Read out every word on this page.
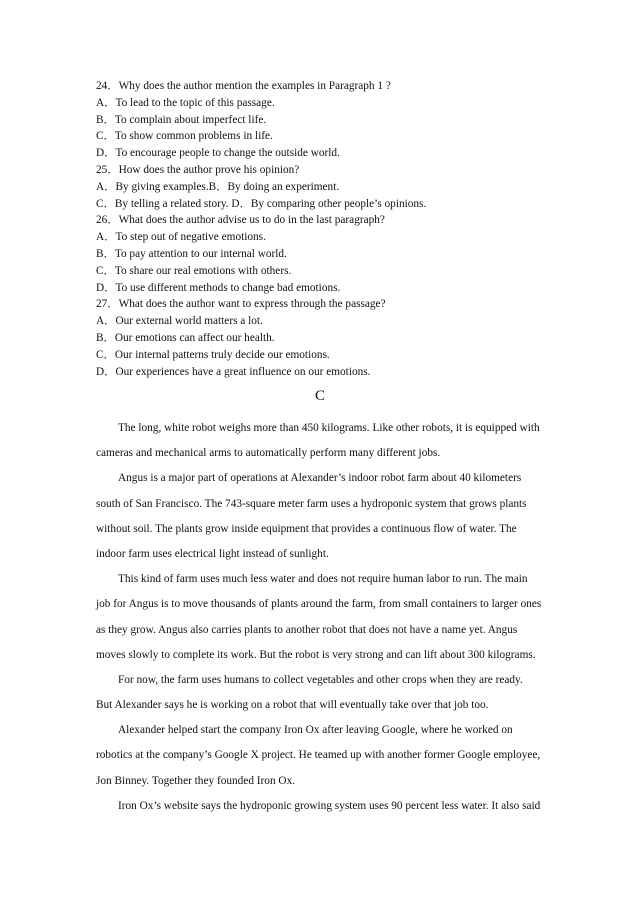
24．Why does the author mention the examples in Paragraph 1 ?
A．To lead to the topic of this passage.
B．To complain about imperfect life.
C．To show common problems in life.
D．To encourage people to change the outside world.
25．How does the author prove his opinion?
A．By giving examples.B．By doing an experiment.
C．By telling a related story. D．By comparing other people’s opinions.
26．What does the author advise us to do in the last paragraph?
A．To step out of negative emotions.
B．To pay attention to our internal world.
C．To share our real emotions with others.
D．To use different methods to change bad emotions.
27．What does the author want to express through the passage?
A．Our external world matters a lot.
B．Our emotions can affect our health.
C．Our internal patterns truly decide our emotions.
D．Our experiences have a great influence on our emotions.
C
The long, white robot weighs more than 450 kilograms. Like other robots, it is equipped with
cameras and mechanical arms to automatically perform many different jobs.
Angus is a major part of operations at Alexander’s indoor robot farm about 40 kilometers
south of San Francisco. The 743-square meter farm uses a hydroponic system that grows plants
without soil. The plants grow inside equipment that provides a continuous flow of water. The
indoor farm uses electrical light instead of sunlight.
This kind of farm uses much less water and does not require human labor to run. The main
job for Angus is to move thousands of plants around the farm, from small containers to larger ones
as they grow. Angus also carries plants to another robot that does not have a name yet. Angus
moves slowly to complete its work. But the robot is very strong and can lift about 300 kilograms.
For now, the farm uses humans to collect vegetables and other crops when they are ready.
But Alexander says he is working on a robot that will eventually take over that job too.
Alexander helped start the company Iron Ox after leaving Google, where he worked on
robotics at the company’s Google X project. He teamed up with another former Google employee,
Jon Binney. Together they founded Iron Ox.
Iron Ox’s website says the hydroponic growing system uses 90 percent less water. It also said
